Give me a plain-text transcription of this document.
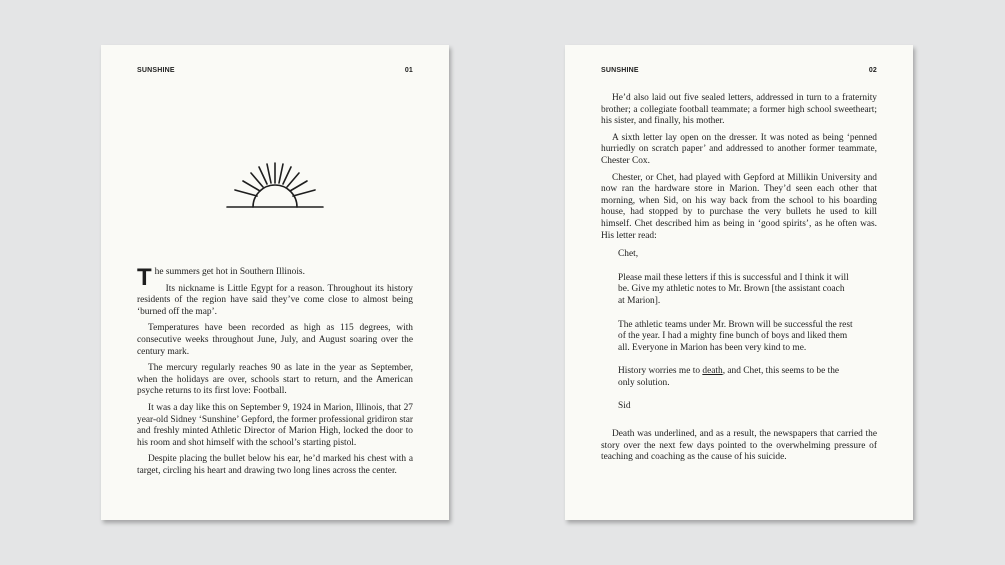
SUNSHINE	01

The summers get hot in Southern Illinois.

Its nickname is Little Egypt for a reason. Throughout its history residents of the region have said they’ve come close to almost being ‘burned off the map’.

Temperatures have been recorded as high as 115 degrees, with consecutive weeks throughout June, July, and August soaring over the century mark.

The mercury regularly reaches 90 as late in the year as September, when the holidays are over, schools start to return, and the American psyche returns to its first love: Football.

It was a day like this on September 9, 1924 in Marion, Illinois, that 27 year-old Sidney ‘Sunshine’ Gepford, the former professional gridiron star and freshly minted Athletic Director of Marion High, locked the door to his room and shot himself with the school’s starting pistol.

Despite placing the bullet below his ear, he’d marked his chest with a target, circling his heart and drawing two long lines across the center.

SUNSHINE	02

He’d also laid out five sealed letters, addressed in turn to a fraternity brother; a collegiate football teammate; a former high school sweetheart; his sister, and finally, his mother.

A sixth letter lay open on the dresser. It was noted as being ‘penned hurriedly on scratch paper’ and addressed to another former teammate, Chester Cox.

Chester, or Chet, had played with Gepford at Millikin University and now ran the hardware store in Marion. They’d seen each other that morning, when Sid, on his way back from the school to his boarding house, had stopped by to purchase the very bullets he used to kill himself. Chet described him as being in ‘good spirits’, as he often was. His letter read:

Chet,

Please mail these letters if this is successful and I think it will be. Give my athletic notes to Mr. Brown [the assistant coach at Marion].

The athletic teams under Mr. Brown will be successful the rest of the year. I had a mighty fine bunch of boys and liked them all. Everyone in Marion has been very kind to me.

History worries me to death, and Chet, this seems to be the only solution.

Sid

Death was underlined, and as a result, the newspapers that carried the story over the next few days pointed to the overwhelming pressure of teaching and coaching as the cause of his suicide.
